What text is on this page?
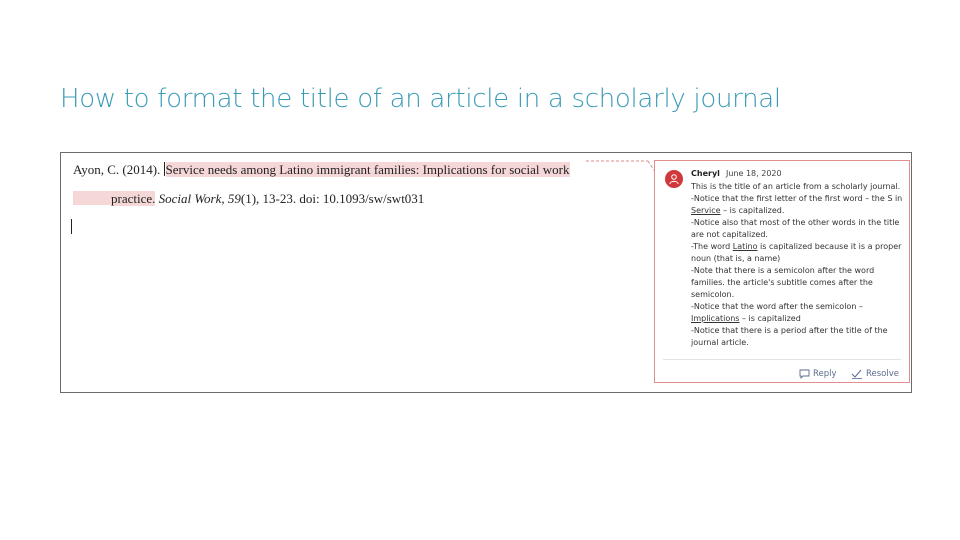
How to format the title of an article in a scholarly journal
Ayon, C. (2014). Service needs among Latino immigrant families: Implications for social work
practice. Social Work, 59(1), 13-23. doi: 10.1093/sw/swt031
Cheryl June 18, 2020
This is the title of an article from a scholarly journal.
-Notice that the first letter of the first word – the S in
Service – is capitalized.
-Notice also that most of the other words in the title
are not capitalized.
-The word Latino is capitalized because it is a proper
noun (that is, a name)
-Note that there is a semicolon after the word
families. the article's subtitle comes after the
semicolon.
-Notice that the word after the semicolon –
Implications – is capitalized
-Notice that there is a period after the title of the
journal article.
Reply	Resolve
